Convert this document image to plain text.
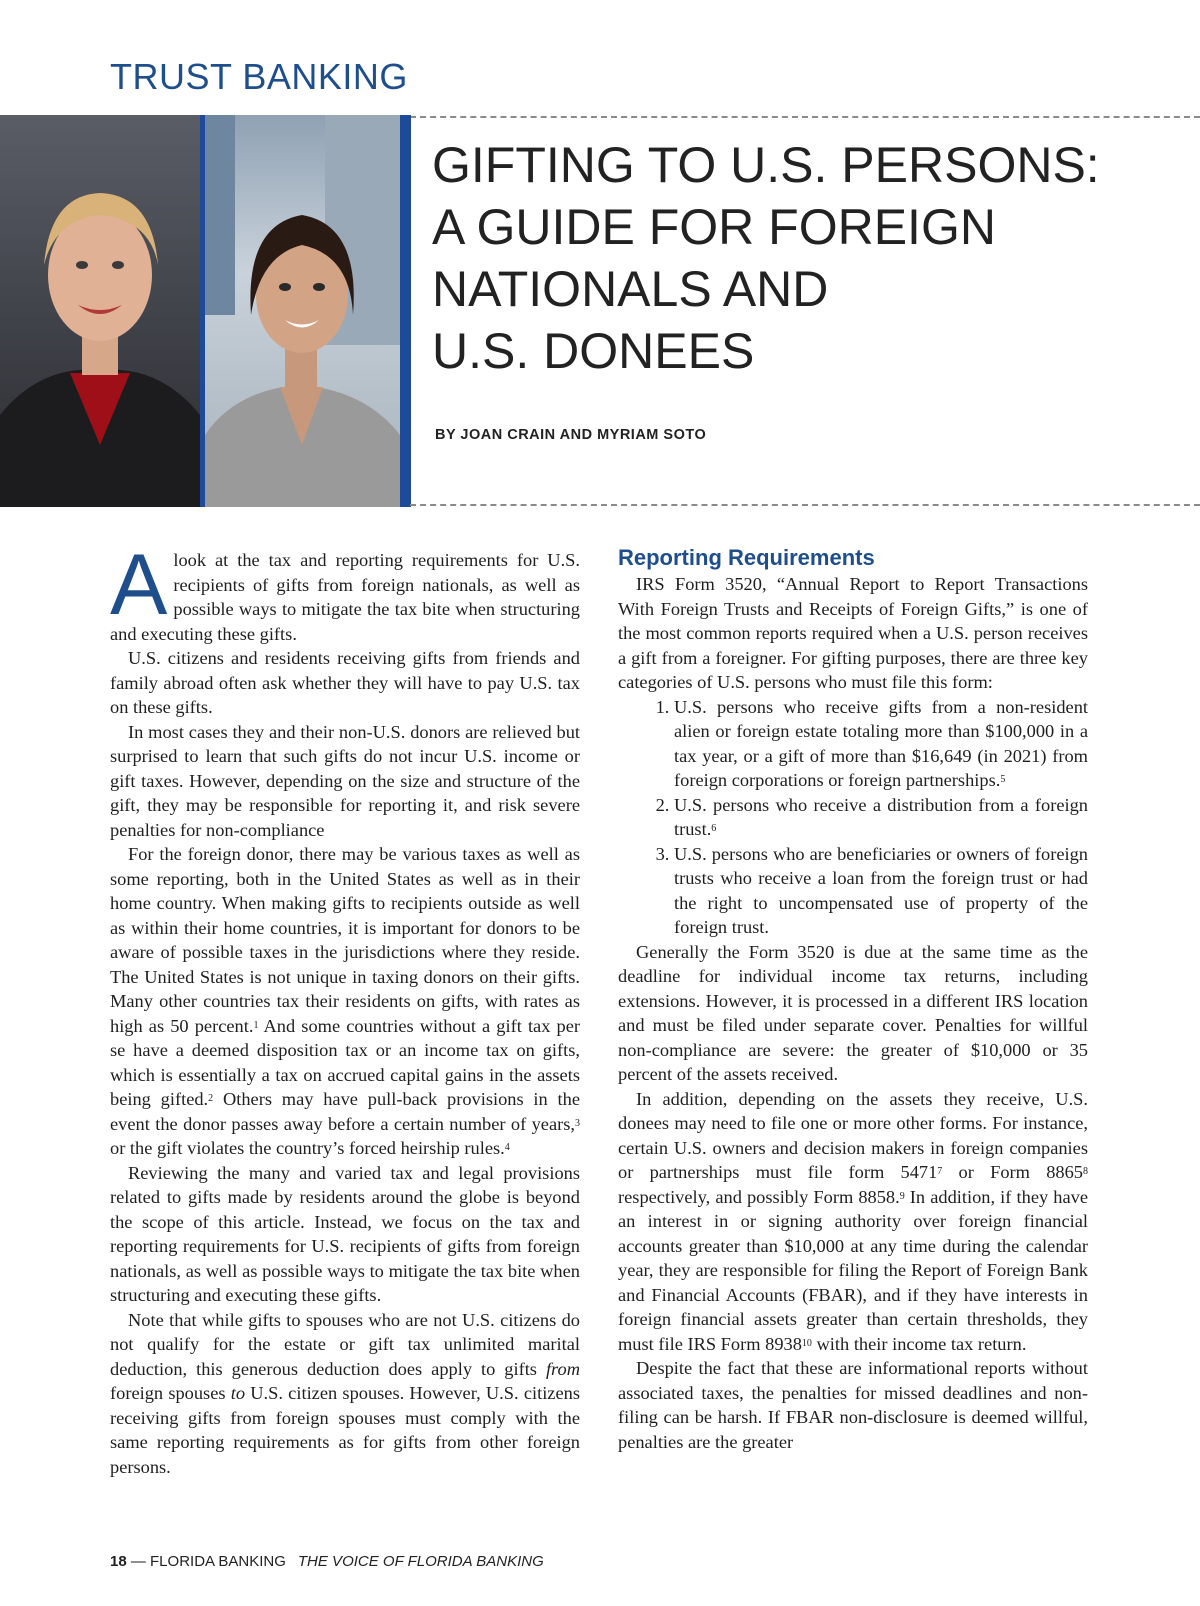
TRUST BANKING
GIFTING TO U.S. PERSONS:
A GUIDE FOR FOREIGN
NATIONALS AND
U.S. DONEES
BY JOAN CRAIN AND MYRIAM SOTO

Alook at the tax and reporting requirements for U.S. recipients of gifts from foreign nationals, as well as possible ways to mitigate the tax bite when structuring and executing these gifts.

U.S. citizens and residents receiving gifts from friends and family abroad often ask whether they will have to pay U.S. tax on these gifts.

In most cases they and their non-U.S. donors are relieved but surprised to learn that such gifts do not incur U.S. income or gift taxes. However, depending on the size and structure of the gift, they may be responsible for reporting it, and risk severe penalties for non-compliance

For the foreign donor, there may be various taxes as well as some reporting, both in the United States as well as in their home country. When making gifts to recipients outside as well as within their home countries, it is important for donors to be aware of possible taxes in the jurisdictions where they reside. The United States is not unique in taxing donors on their gifts. Many other countries tax their residents on gifts, with rates as high as 50 percent.$^1$ And some countries without a gift tax per se have a deemed disposition tax or an income tax on gifts, which is essentially a tax on accrued capital gains in the assets being gifted.$^2$ Others may have pull-back provisions in the event the donor passes away before a certain number of years,$^3$ or the gift violates the country’s forced heirship rules.$^4$

Reviewing the many and varied tax and legal provisions related to gifts made by residents around the globe is beyond the scope of this article. Instead, we focus on the tax and reporting requirements for U.S. recipients of gifts from foreign nationals, as well as possible ways to mitigate the tax bite when structuring and executing these gifts.

Note that while gifts to spouses who are not U.S. citizens do not qualify for the estate or gift tax unlimited marital deduction, this generous deduction does apply to gifts from foreign spouses to U.S. citizen spouses. However, U.S. citizens receiving gifts from foreign spouses must comply with the same reporting requirements as for gifts from other foreign persons.

Reporting Requirements

IRS Form 3520, “Annual Report to Report Transactions With Foreign Trusts and Receipts of Foreign Gifts,” is one of the most common reports required when a U.S. person receives a gift from a foreigner. For gifting purposes, there are three key categories of U.S. persons who must file this form:

1. U.S. persons who receive gifts from a non-resident alien or foreign estate totaling more than $100,000 in a tax year, or a gift of more than $16,649 (in 2021) from foreign corporations or foreign partnerships.$^5$
2. U.S. persons who receive a distribution from a foreign trust.$^6$
3. U.S. persons who are beneficiaries or owners of foreign trusts who receive a loan from the foreign trust or had the right to uncompensated use of property of the foreign trust.

Generally the Form 3520 is due at the same time as the deadline for individual income tax returns, including extensions. However, it is processed in a different IRS location and must be filed under separate cover. Penalties for willful non-compliance are severe: the greater of $10,000 or 35 percent of the assets received.

In addition, depending on the assets they receive, U.S. donees may need to file one or more other forms. For instance, certain U.S. owners and decision makers in foreign companies or partnerships must file form 5471$^7$ or Form 8865$^8$ respectively, and possibly Form 8858.$^9$ In addition, if they have an interest in or signing authority over foreign financial accounts greater than $10,000 at any time during the calendar year, they are responsible for filing the Report of Foreign Bank and Financial Accounts (FBAR), and if they have interests in foreign financial assets greater than certain thresholds, they must file IRS Form 8938$^{10}$ with their income tax return.

Despite the fact that these are informational reports without associated taxes, the penalties for missed deadlines and non-filing can be harsh. If FBAR non-disclosure is deemed willful, penalties are the greater

18 — FLORIDA BANKING THE VOICE OF FLORIDA BANKING
